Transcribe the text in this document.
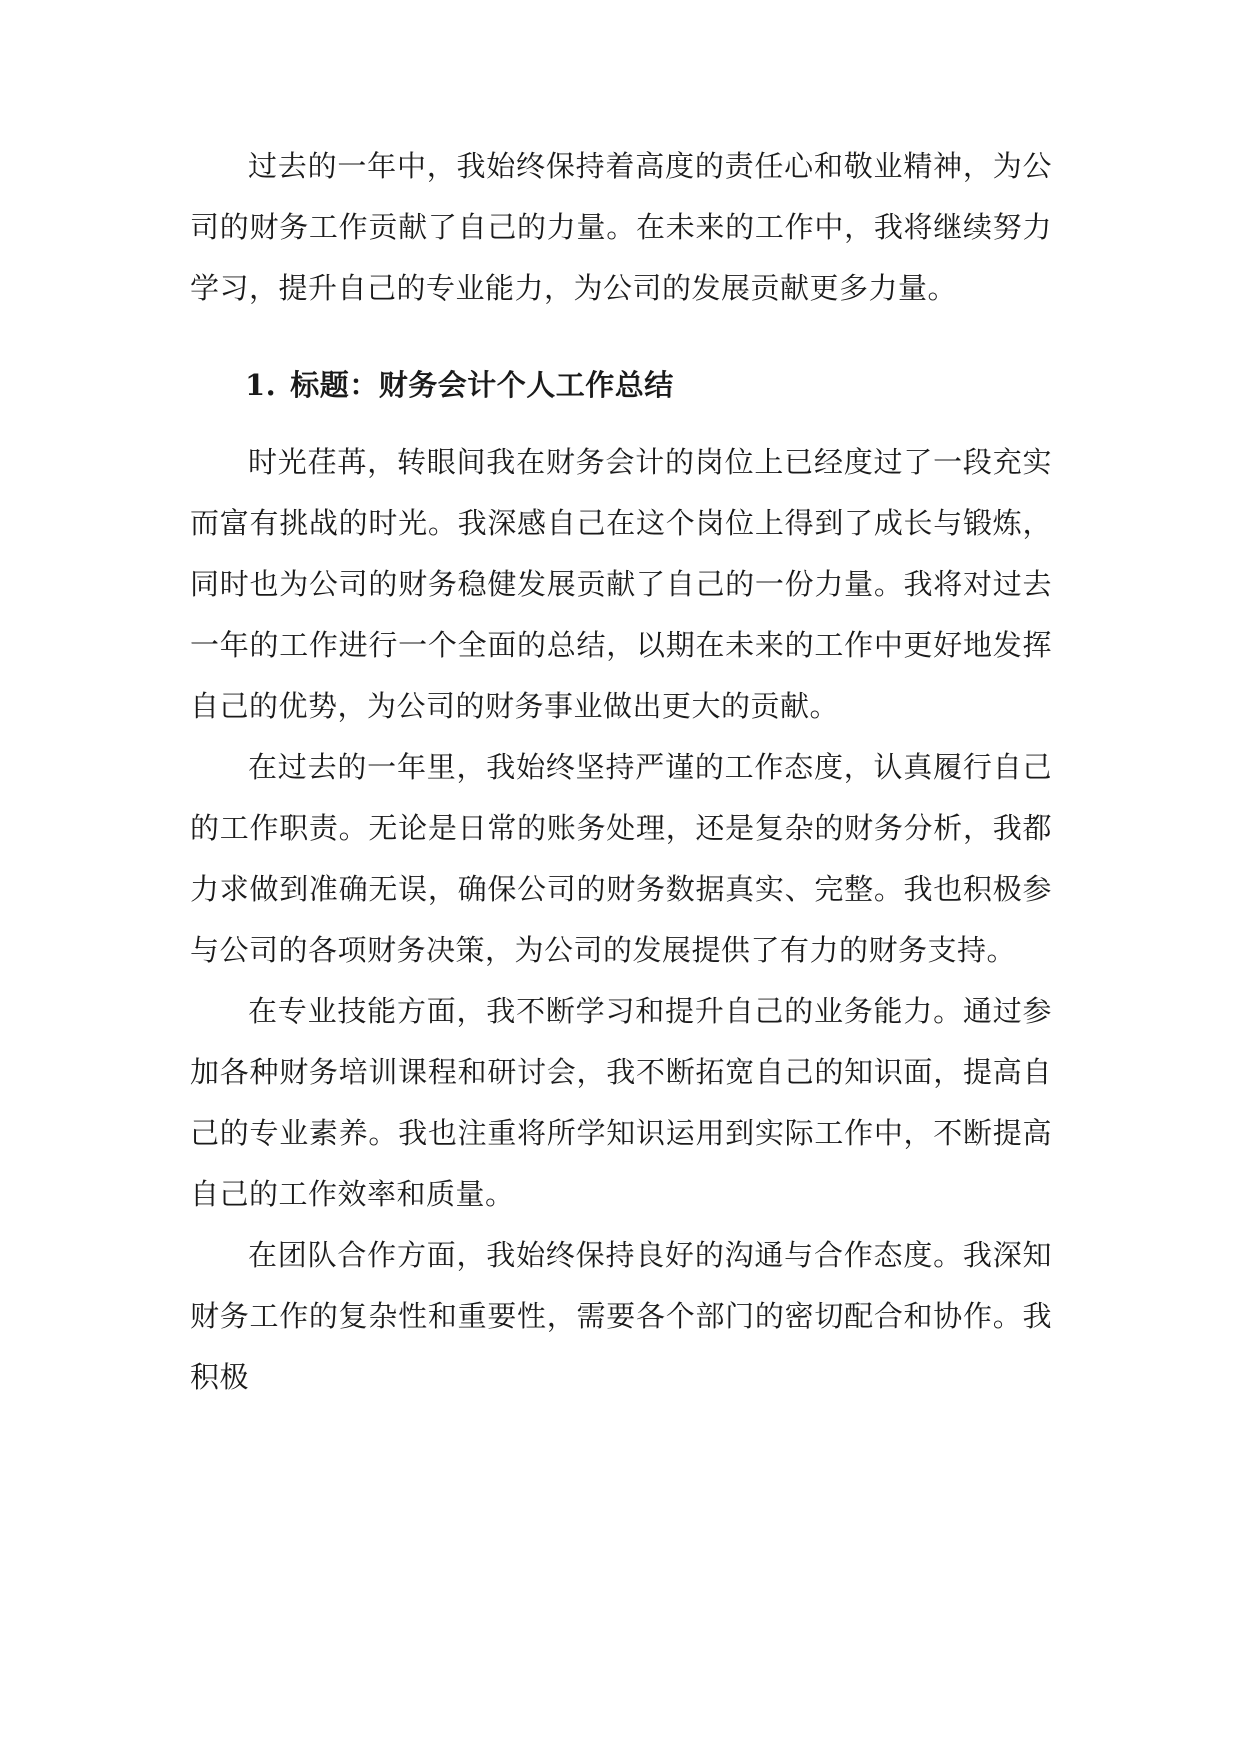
过去的一年中，我始终保持着高度的责任心和敬业精神，为公司的财务工作贡献了自己的力量。在未来的工作中，我将继续努力学习，提升自己的专业能力，为公司的发展贡献更多力量。

1. 标题：财务会计个人工作总结

时光荏苒，转眼间我在财务会计的岗位上已经度过了一段充实而富有挑战的时光。我深感自己在这个岗位上得到了成长与锻炼，同时也为公司的财务稳健发展贡献了自己的一份力量。我将对过去一年的工作进行一个全面的总结，以期在未来的工作中更好地发挥自己的优势，为公司的财务事业做出更大的贡献。

在过去的一年里，我始终坚持严谨的工作态度，认真履行自己的工作职责。无论是日常的账务处理，还是复杂的财务分析，我都力求做到准确无误，确保公司的财务数据真实、完整。我也积极参与公司的各项财务决策，为公司的发展提供了有力的财务支持。

在专业技能方面，我不断学习和提升自己的业务能力。通过参加各种财务培训课程和研讨会，我不断拓宽自己的知识面，提高自己的专业素养。我也注重将所学知识运用到实际工作中，不断提高自己的工作效率和质量。

在团队合作方面，我始终保持良好的沟通与合作态度。我深知财务工作的复杂性和重要性，需要各个部门的密切配合和协作。我积极
